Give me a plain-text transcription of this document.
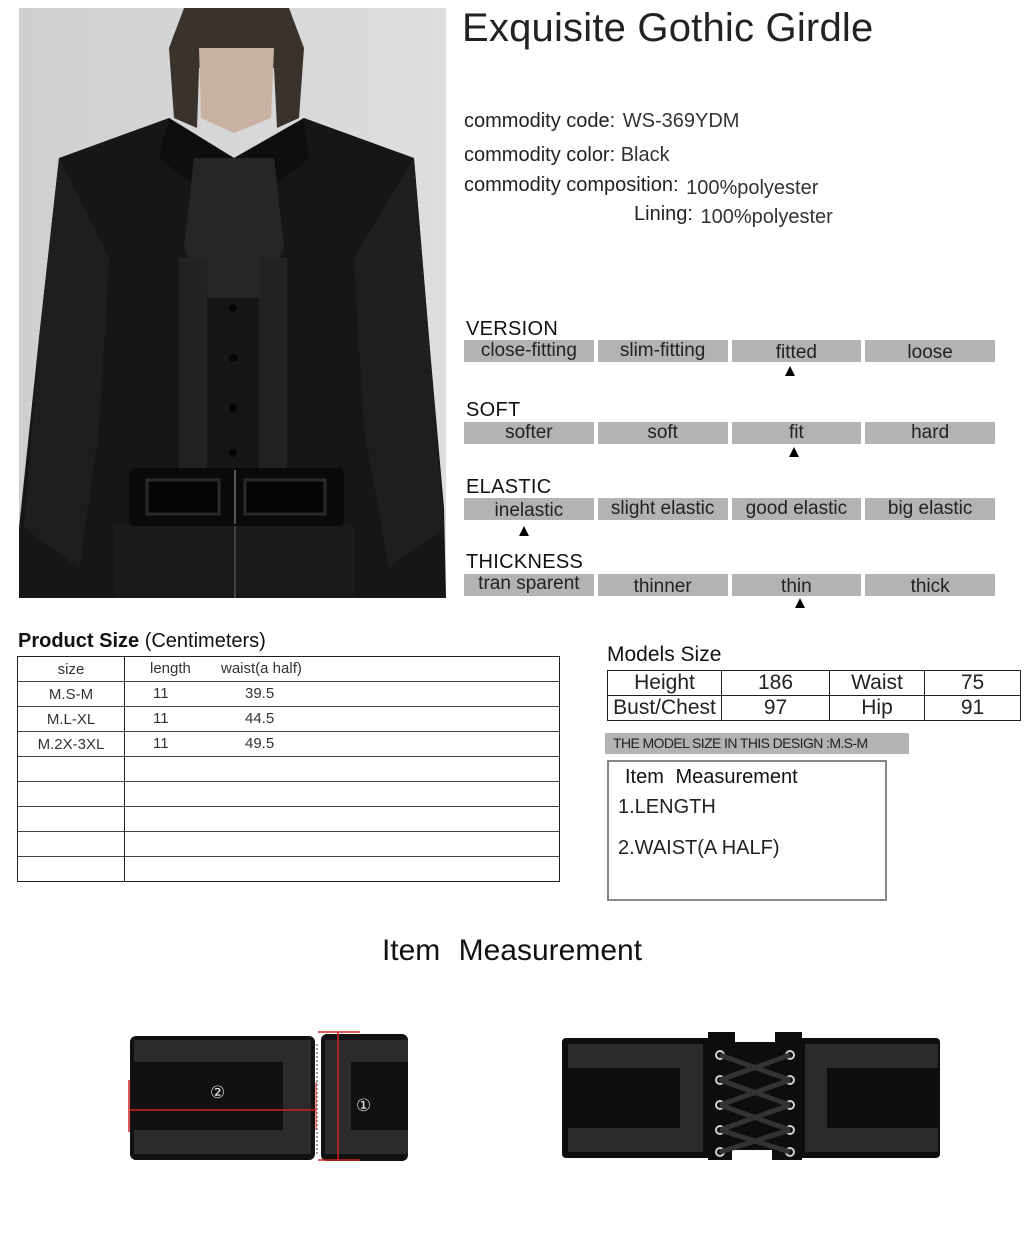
Exquisite Gothic Girdle
commodity code: WS-369YDM
commodity color: Black
commodity composition: 100%polyester
Lining: 100%polyester
VERSION
close-fitting	slim-fitting	fitted	loose
SOFT
softer	soft	fit	hard
ELASTIC
inelastic	slight elastic	good elastic	big elastic
THICKNESS
tran sparent	thinner	thin	thick
Product Size (Centimeters)
size	length waist(a half)

M.S-M	11 39.5

M.L-XL	11 44.5

M.2X-3XL	11 49.5

Models Size
Height	186	Waist	75
Bust/Chest	97	Hip	91
THE MODEL SIZE IN THIS DESIGN :M.S-M
Item Measurement
1.LENGTH
2.WAIST(A HALF)
Item Measurement
②
①
